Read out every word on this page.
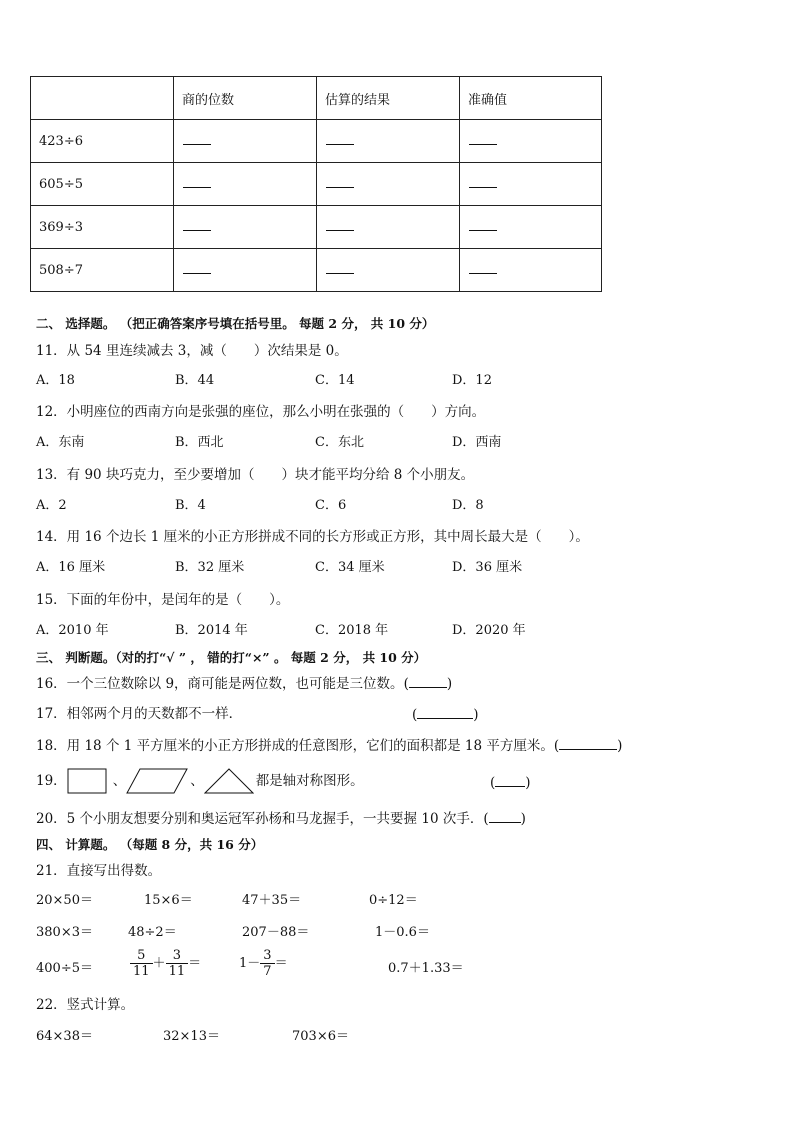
	商的位数	估算的结果	准确值
423÷6			
605÷5			
369÷3			
508÷7			
二、 选择题。 （把正确答案序号填在括号里。 每题 2 分， 共 10 分）
11．从 54 里连续减去 3，减（　　）次结果是 0。
A．18	B．44	C．14	D．12
12．小明座位的西南方向是张强的座位，那么小明在张强的（　　）方向。
A．东南	B．西北	C．东北	D．西南
13．有 90 块巧克力，至少要增加（　　）块才能平均分给 8 个小朋友。
A．2	B．4	C．6	D．8
14．用 16 个边长 1 厘米的小正方形拼成不同的长方形或正方形，其中周长最大是（　　）。
A．16 厘米	B．32 厘米	C．34 厘米	D．36 厘米
15．下面的年份中，是闰年的是（　　）。
A．2010 年	B．2014 年	C．2018 年	D．2020 年
三、 判断题。（对的打“√ ” ， 错的打“×” 。 每题 2 分， 共 10 分）
16．一个三位数除以 9，商可能是两位数，也可能是三位数。(	)
17．相邻两个月的天数都不一样．	(	)
18．用 18 个 1 平方厘米的小正方形拼成的任意图形，它们的面积都是 18 平方厘米。(	)
19．	、	、	都是轴对称图形。	( )
20．5 个小朋友想要分别和奥运冠军孙杨和马龙握手，一共要握 10 次手．( )
四、 计算题。 （每题 8 分，共 16 分）
21．直接写出得数。
20×50＝	15×6＝	47＋35＝	0÷12＝
380×3＝	48÷2＝	207－88＝	1－0.6＝
400÷5＝	$\frac{5}{11} + \frac{3}{11}$ ＝	$1- \frac{3}{7}$ ＝	0.7＋1.33＝
22．竖式计算。
64×38＝	32×13＝	703×6＝
